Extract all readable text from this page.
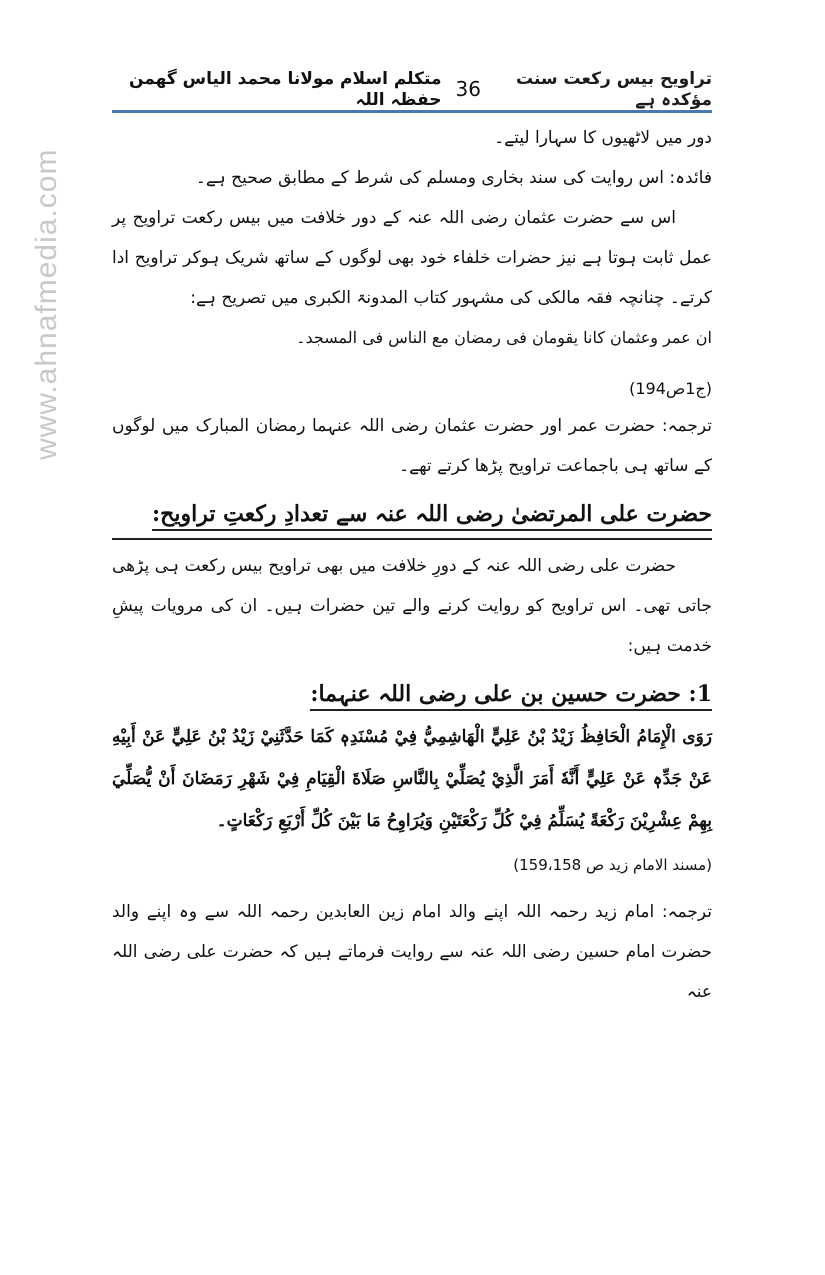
تراویح بیس رکعت سنت مؤکدہ ہے
36
متکلم اسلام مولانا محمد الیاس گھمن حفظہ اللہ
www.ahnafmedia.com

دور میں لاٹھیوں کا سہارا لیتے۔

فائدہ: اس روایت کی سند بخاری ومسلم کی شرط کے مطابق صحیح ہے۔

اس سے حضرت عثمان رضی اللہ عنہ کے دور خلافت میں بیس رکعت تراویح پر عمل ثابت ہوتا ہے نیز حضرات خلفاء خود بھی لوگوں کے ساتھ شریک ہوکر تراویح ادا کرتے۔ چنانچہ فقہ مالکی کی مشہور کتاب المدونۃ الکبری میں تصریح ہے:

ان عمر وعثمان کانا یقومان فی رمضان مع الناس فی المسجد۔

(ج1ص194)

ترجمہ: حضرت عمر اور حضرت عثمان رضی اللہ عنہما رمضان المبارک میں لوگوں کے ساتھ ہی باجماعت تراویح پڑھا کرتے تھے۔

حضرت علی المرتضیٰ رضی اللہ عنہ سے تعدادِ رکعتِ تراویح:

حضرت علی رضی اللہ عنہ کے دورِ خلافت میں بھی تراویح بیس رکعت ہی پڑھی جاتی تھی۔ اس تراویح کو روایت کرنے والے تین حضرات ہیں۔ ان کی مرویات پیشِ خدمت ہیں:

1: حضرت حسین بن علی رضی اللہ عنہما:

رَوَى الْإِمَامُ الْحَافِظُ زَيْدُ بْنُ عَلِيٍّ الْهَاشِمِيُّ فِيْ مُسْنَدِهٖ كَمَا حَدَّثَنِيْ زَيْدُ بْنُ عَلِيٍّ عَنْ أَبِيْهِ عَنْ جَدِّهٖ عَنْ عَلِيٍّ أَنَّهٗ أَمَرَ الَّذِيْ يُصَلِّيْ بِالنَّاسِ صَلَاةَ الْقِيَامِ فِيْ شَهْرِ رَمَضَانَ أَنْ يُّصَلِّيَ بِهِمْ عِشْرِيْنَ رَكْعَةً يُسَلِّمُ فِيْ كُلِّ رَكْعَتَيْنِ وَيُرَاوِحُ مَا بَيْنَ كُلِّ أَرْبَعِ رَكْعَاتٍ۔

(مسند الامام زید ص 159،158)

ترجمہ: امام زید رحمہ اللہ اپنے والد امام زین العابدین رحمہ اللہ سے وہ اپنے والد حضرت امام حسین رضی اللہ عنہ سے روایت فرماتے ہیں کہ حضرت علی رضی اللہ عنہ
